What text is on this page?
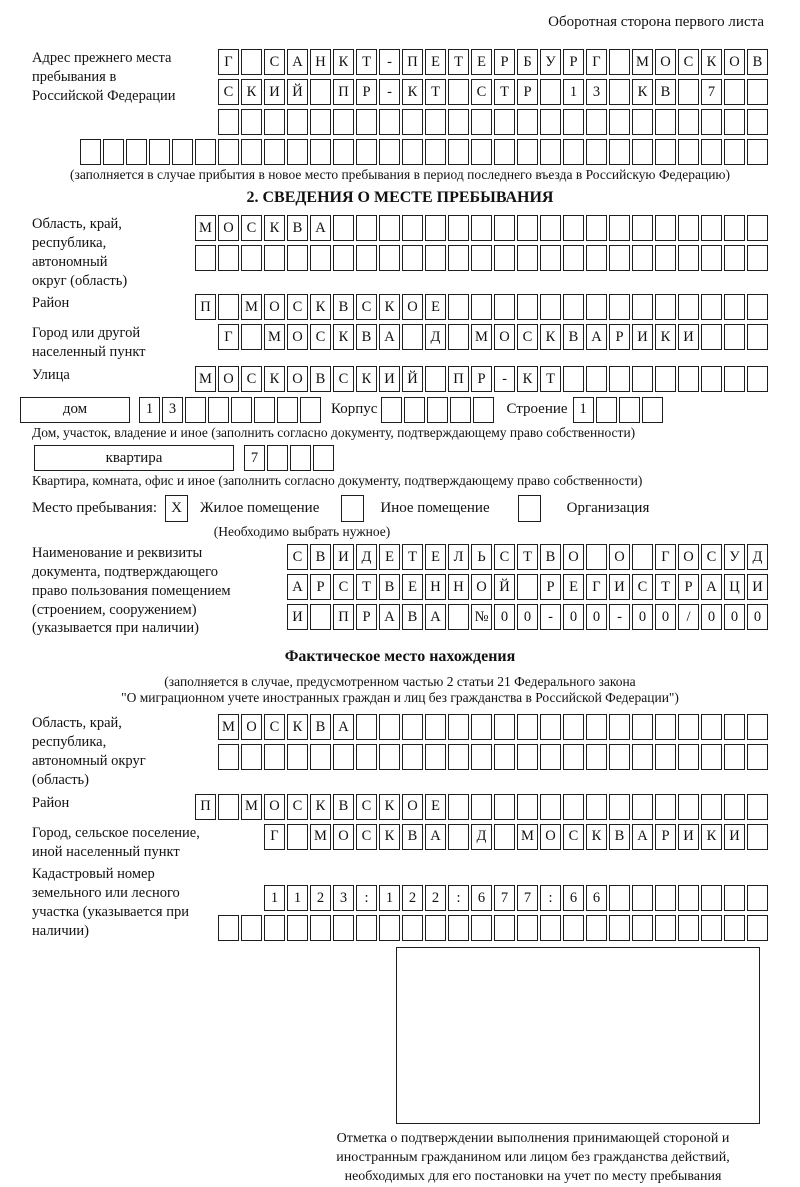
Оборотная сторона первого листа
Адрес прежнего места пребывания в Российской Федерации
Г	С А Н К Т	-	П Е Т Е	Р	Б У Р	Г	М О С К О В
С К И Й	П Р	-	К Т	С Т	Р	1	3	К В	7
(заполняется в случае прибытия в новое место пребывания в период последнего въезда в Российскую Федерацию)
2. СВЕДЕНИЯ О МЕСТЕ ПРЕБЫВАНИЯ
Область, край, республика, автономный округ (область)
М О С К В А
Район	П	М О С К В С К О Е
Город или другой населенный пункт
Г	М О С К В А	Д	М О С К В А Р И К И
Улица	М О С К О В С К И Й	П Р	-	К Т
дом	1	3	Корпус	Строение 1
Дом, участок, владение и иное (заполнить согласно документу, подтверждающему право собственности)
квартира	7
Квартира, комната, офис и иное (заполнить согласно документу, подтверждающему право собственности)
Место пребывания: X	Жилое помещение	Иное помещение	Организация
(Необходимо выбрать нужное)
Наименование и реквизиты документа, подтверждающего право пользования помещением (строением, сооружением) (указывается при наличии)
С В И Д Е Т Е Л Ь С Т В О	О	Г О С У Д
А Р С Т В Е Н Н О Й	Р	Е Г И С Т	Р А Ц И
И	П Р А В А	№ 0	0	-	0	0	-	0	0	/	0	0	0
Фактическое место нахождения
(заполняется в случае, предусмотренном частью 2 статьи 21 Федерального закона
"О миграционном учете иностранных граждан и лиц без гражданства в Российской Федерации")
Область, край, республика, автономный округ (область)
М О С К В А
Район	П	М О С К В С К О Е
Город, сельское поселение, иной населенный пункт
Г	М О С К В А	Д	М О С К В А Р И К И
Кадастровый номер земельного или лесного участка (указывается при наличии)
1	1	2	3	:	1	2	2	:	6	7	7	:	6	6
Отметка о подтверждении выполнения принимающей стороной и иностранным гражданином или лицом без гражданства действий, необходимых для его постановки на учет по месту пребывания
